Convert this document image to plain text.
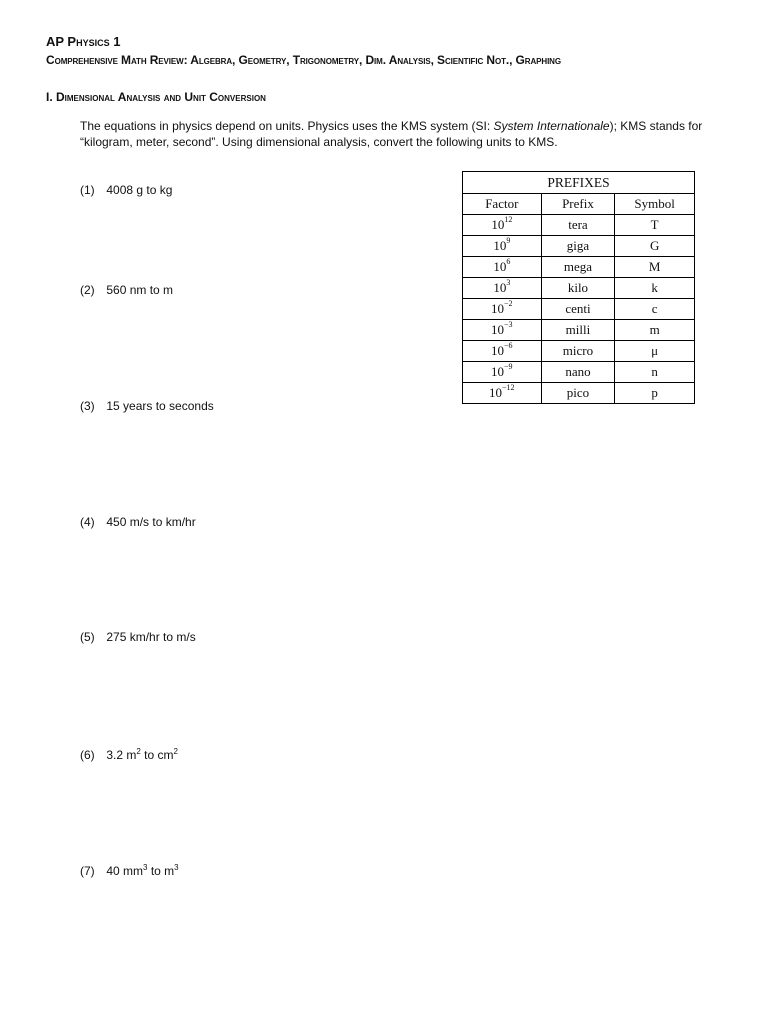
AP Physics 1
Comprehensive Math Review: Algebra, Geometry, Trigonometry, Dim. Analysis, Scientific Not., Graphing
I. Dimensional Analysis and Unit Conversion
The equations in physics depend on units. Physics uses the KMS system (SI: System Internationale); KMS stands for “kilogram, meter, second”. Using dimensional analysis, convert the following units to KMS.
(1) 4008 g to kg
(2) 560 nm to m
(3) 15 years to seconds
(4) 450 m/s to km/hr
(5) 275 km/hr to m/s
(6) 3.2 $m^2$ to $cm^2$
(7) 40 $mm^3$ to $m^3$
PREFIXES		
Factor	Prefix	Symbol
$10^{12}$	tera	T
$10^9$	giga	G
$10^6$	mega	M
$10^3$	kilo	k
$10^{-2}$	centi	c
$10^{-3}$	milli	m
$10^{-6}$	micro	μ
$10^{-9}$	nano	n
$10^{-12}$	pico	p
